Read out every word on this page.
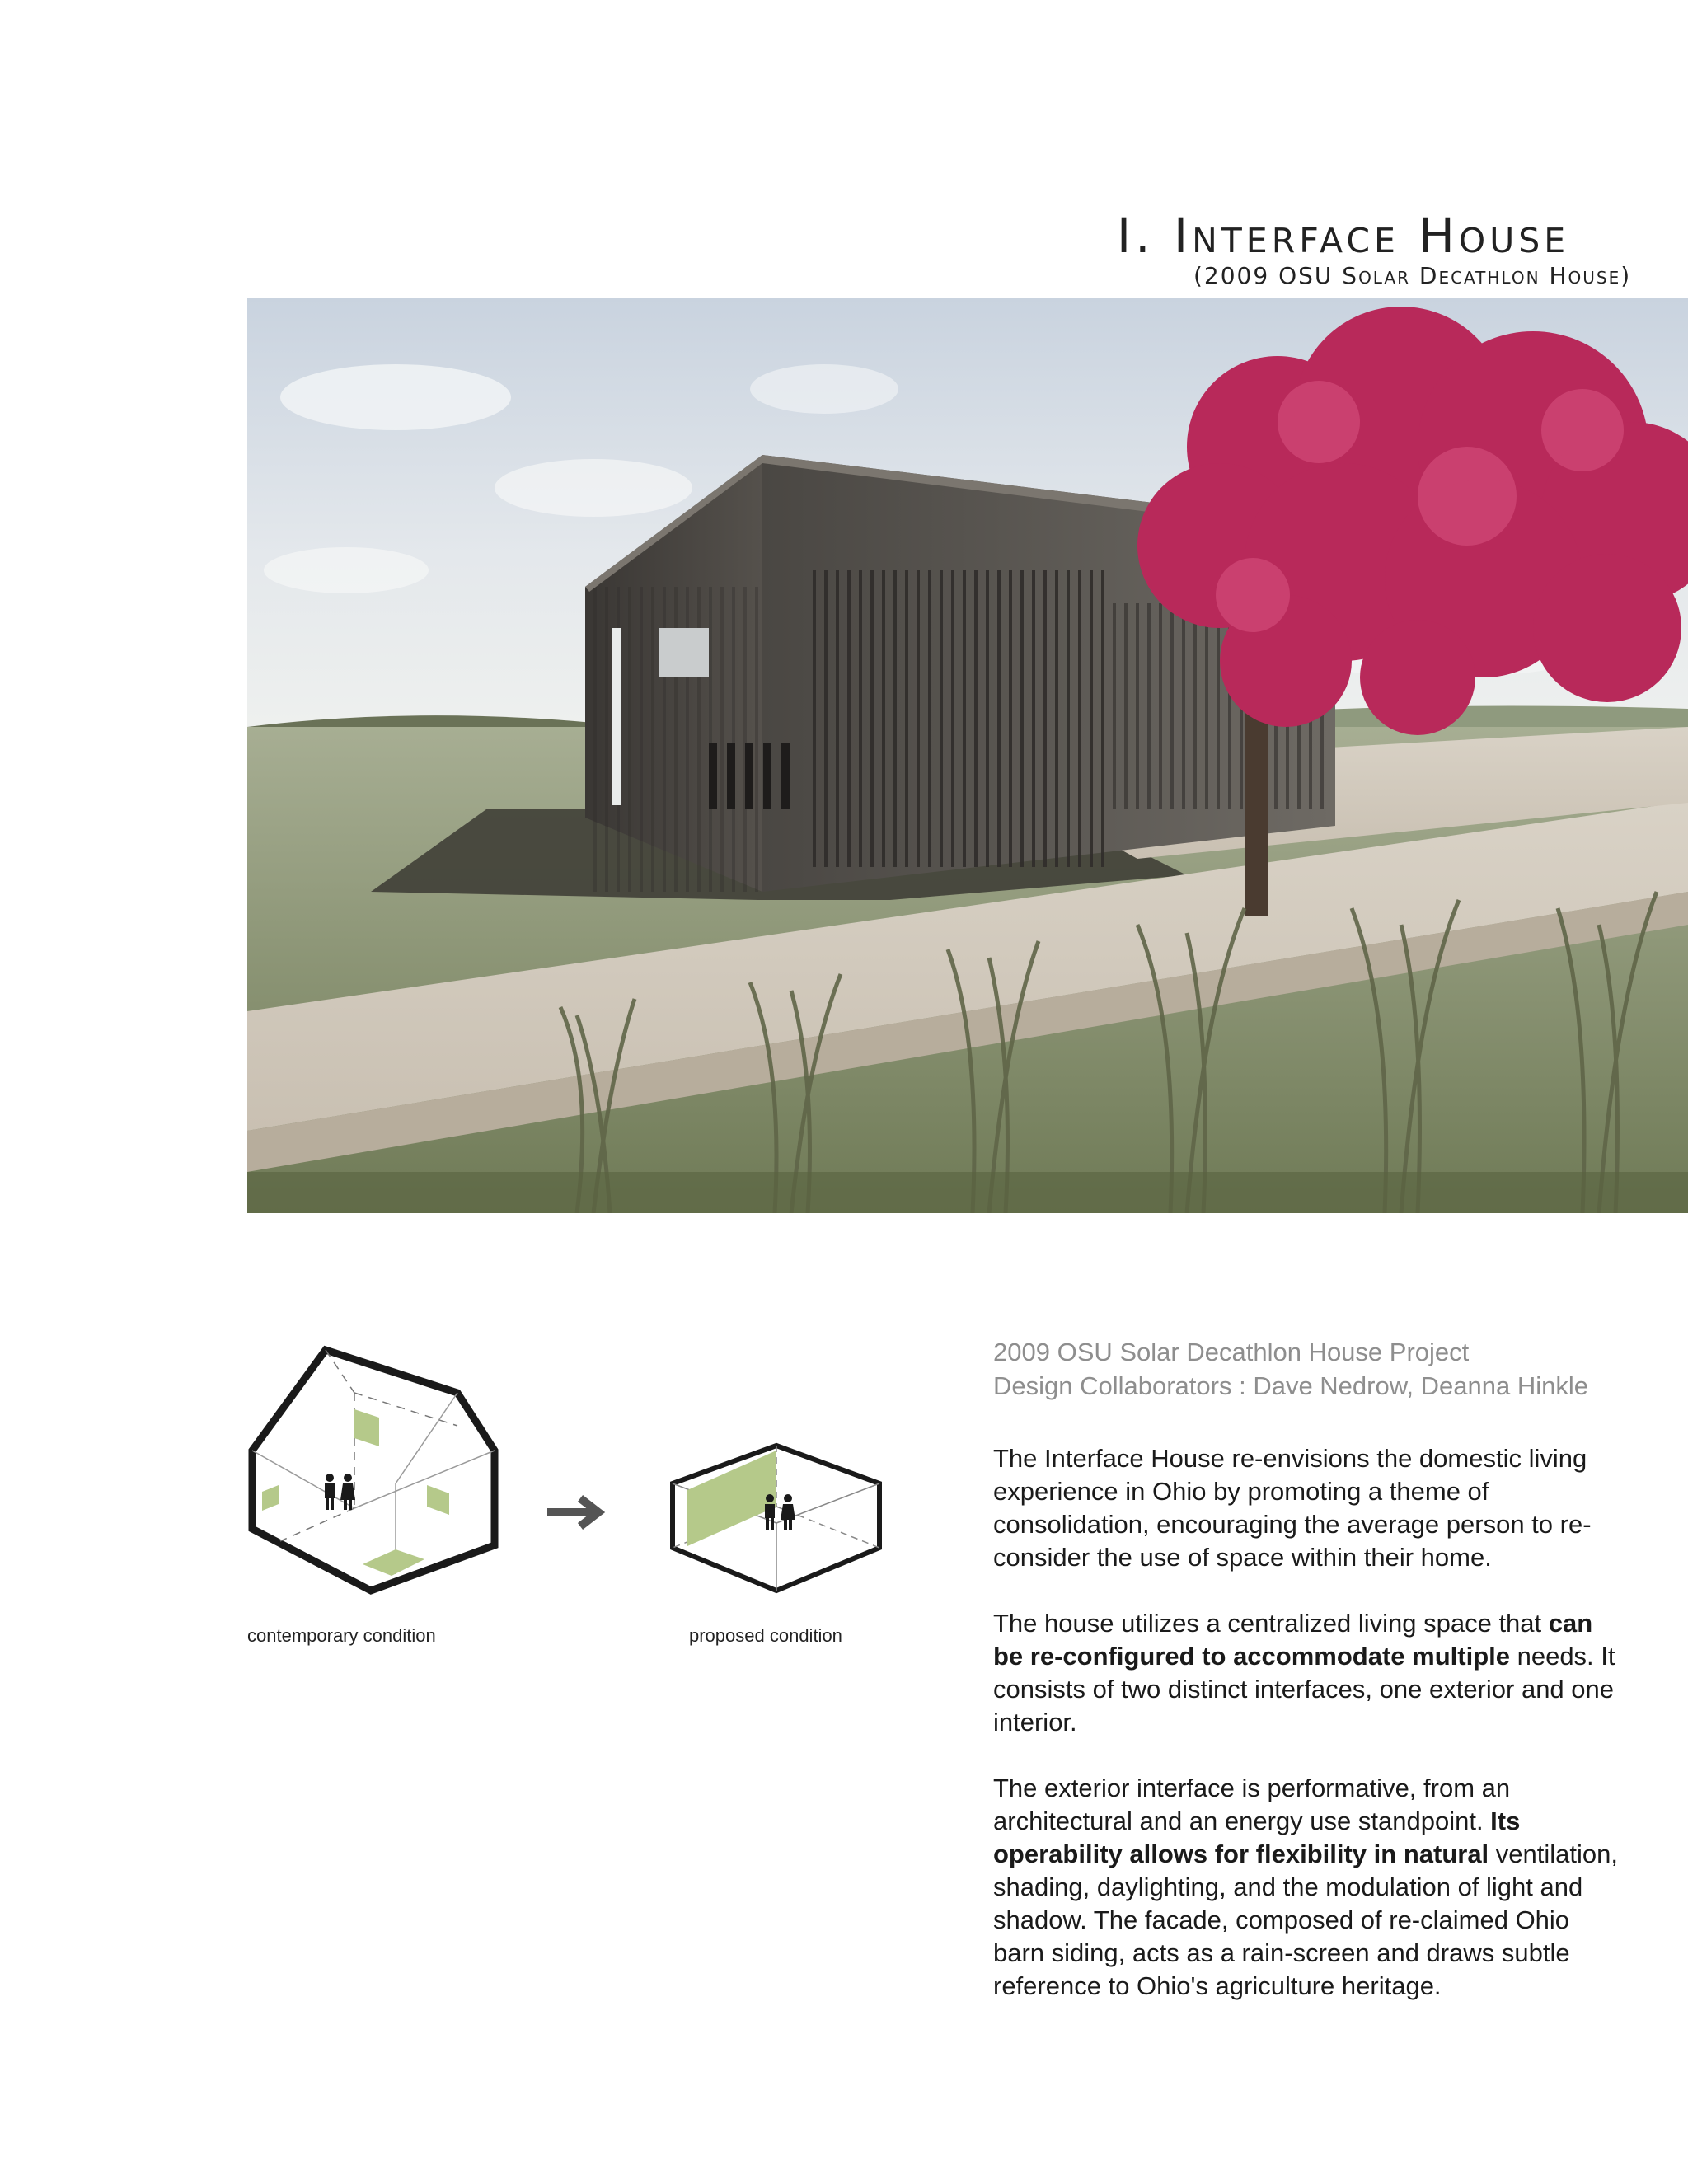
I. Interface House
(2009 OSU Solar Decathlon House)
contemporary condition	proposed condition
2009 OSU Solar Decathlon House Project
Design Collaborators : Dave Nedrow, Deanna Hinkle

The Interface House re-envisions the domestic living experience in Ohio by promoting a theme of consolidation, encouraging the average person to re-consider the use of space within their home.

The house utilizes a centralized living space that can be re-configured to accommodate multiple needs. It consists of two distinct interfaces, one exterior and one interior.

The exterior interface is performative, from an architectural and an energy use standpoint. Its operability allows for flexibility in natural ventilation, shading, daylighting, and the modulation of light and shadow. The facade, composed of re-claimed Ohio barn siding, acts as a rain-screen and draws subtle reference to Ohio's agriculture heritage.
